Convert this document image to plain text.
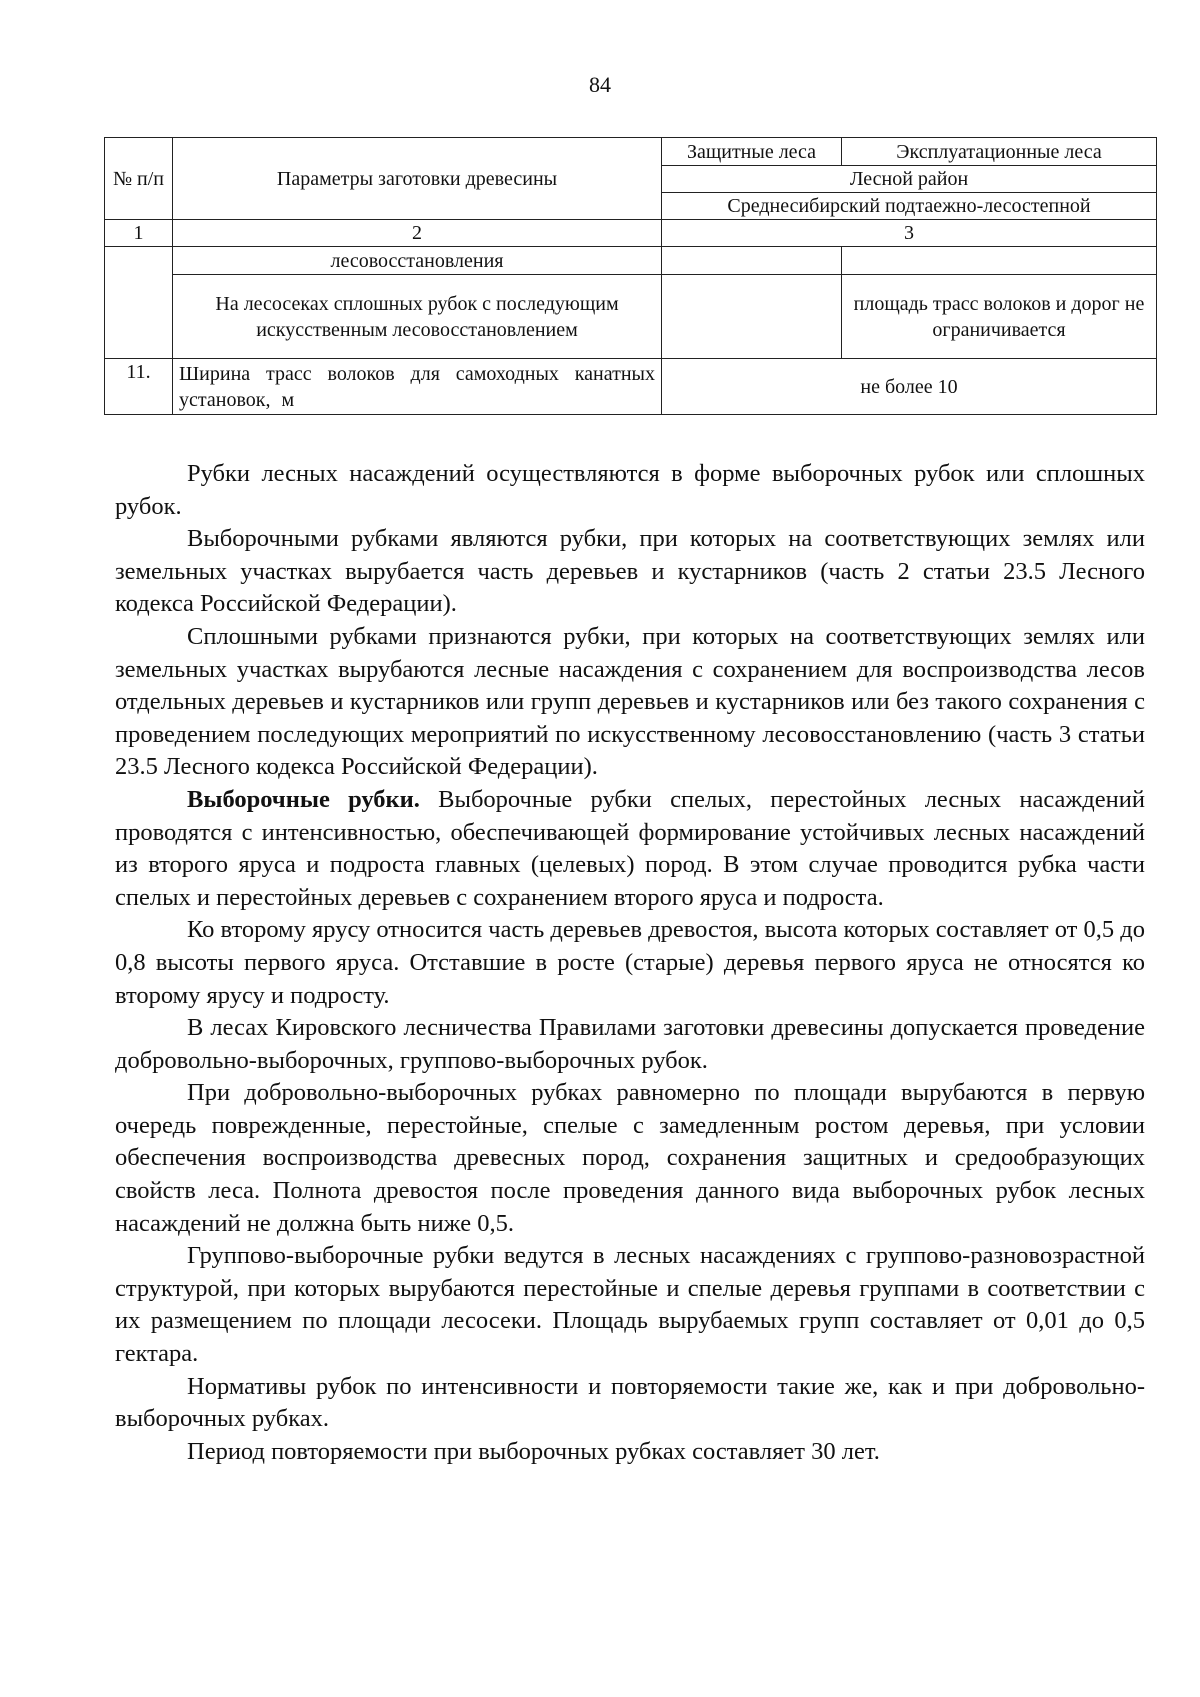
84
№ п/п	Параметры заготовки древесины	Защитные леса	Эксплуатационные леса
		Лесной район	
		Среднесибирский подтаежно-лесостепной	
1	2	3	
	лесовосстановления		
	На лесосеках сплошных рубок с последующим искусственным лесовосстановлением		площадь трасс волоков и дорог не ограничивается
11.	Ширина трасс волоков для самоходных канатных установок, м	не более 10	

Рубки лесных насаждений осуществляются в форме выборочных рубок или сплошных рубок.

Выборочными рубками являются рубки, при которых на соответствующих землях или земельных участках вырубается часть деревьев и кустарников (часть 2 статьи 23.5 Лесного кодекса Российской Федерации).

Сплошными рубками признаются рубки, при которых на соответствующих землях или земельных участках вырубаются лесные насаждения с сохранением для воспроизводства лесов отдельных деревьев и кустарников или групп деревьев и кустарников или без такого сохранения с проведением последующих мероприятий по искусственному лесовосстановлению (часть 3 статьи 23.5 Лесного кодекса Российской Федерации).

Выборочные рубки. Выборочные рубки спелых, перестойных лесных насаждений проводятся с интенсивностью, обеспечивающей формирование устойчивых лесных насаждений из второго яруса и подроста главных (целевых) пород. В этом случае проводится рубка части спелых и перестойных деревьев с сохранением второго яруса и подроста.

Ко второму ярусу относится часть деревьев древостоя, высота которых составляет от 0,5 до 0,8 высоты первого яруса. Отставшие в росте (старые) деревья первого яруса не относятся ко второму ярусу и подросту.

В лесах Кировского лесничества Правилами заготовки древесины допускается проведение добровольно-выборочных, группово-выборочных рубок.

При добровольно-выборочных рубках равномерно по площади вырубаются в первую очередь поврежденные, перестойные, спелые с замедленным ростом деревья, при условии обеспечения воспроизводства древесных пород, сохранения защитных и средообразующих свойств леса. Полнота древостоя после проведения данного вида выборочных рубок лесных насаждений не должна быть ниже 0,5.

Группово-выборочные рубки ведутся в лесных насаждениях с группово-разновозрастной структурой, при которых вырубаются перестойные и спелые деревья группами в соответствии с их размещением по площади лесосеки. Площадь вырубаемых групп составляет от 0,01 до 0,5 гектара.

Нормативы рубок по интенсивности и повторяемости такие же, как и при добровольно-выборочных рубках.

Период повторяемости при выборочных рубках составляет 30 лет.
